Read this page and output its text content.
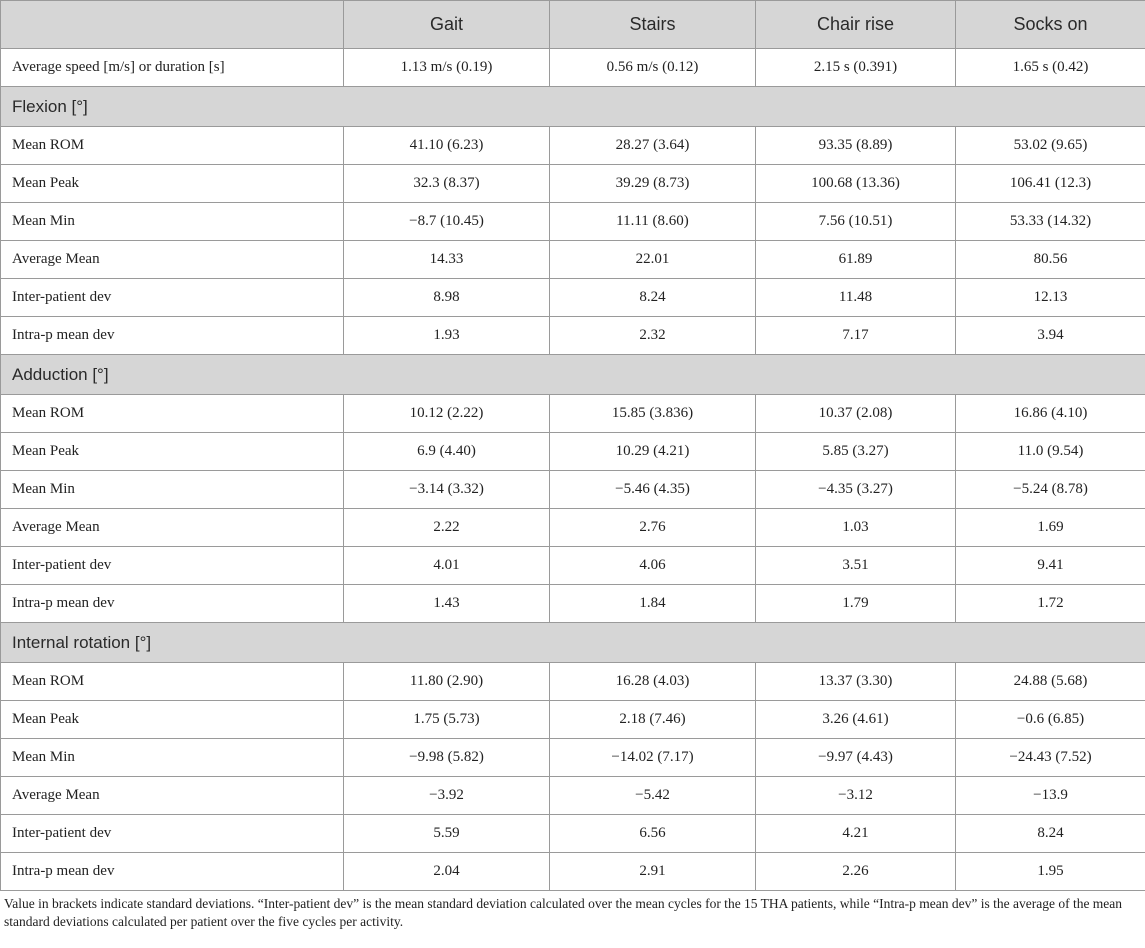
	Gait	Stairs	Chair rise	Socks on
Average speed [m/s] or duration [s]	1.13 m/s (0.19)	0.56 m/s (0.12)	2.15 s (0.391)	1.65 s (0.42)
Flexion [°]				
Mean ROM	41.10 (6.23)	28.27 (3.64)	93.35 (8.89)	53.02 (9.65)
Mean Peak	32.3 (8.37)	39.29 (8.73)	100.68 (13.36)	106.41 (12.3)
Mean Min	−8.7 (10.45)	11.11 (8.60)	7.56 (10.51)	53.33 (14.32)
Average Mean	14.33	22.01	61.89	80.56
Inter-patient dev	8.98	8.24	11.48	12.13
Intra-p mean dev	1.93	2.32	7.17	3.94
Adduction [°]				
Mean ROM	10.12 (2.22)	15.85 (3.836)	10.37 (2.08)	16.86 (4.10)
Mean Peak	6.9 (4.40)	10.29 (4.21)	5.85 (3.27)	11.0 (9.54)
Mean Min	−3.14 (3.32)	−5.46 (4.35)	−4.35 (3.27)	−5.24 (8.78)
Average Mean	2.22	2.76	1.03	1.69
Inter-patient dev	4.01	4.06	3.51	9.41
Intra-p mean dev	1.43	1.84	1.79	1.72
Internal rotation [°]				
Mean ROM	11.80 (2.90)	16.28 (4.03)	13.37 (3.30)	24.88 (5.68)
Mean Peak	1.75 (5.73)	2.18 (7.46)	3.26 (4.61)	−0.6 (6.85)
Mean Min	−9.98 (5.82)	−14.02 (7.17)	−9.97 (4.43)	−24.43 (7.52)
Average Mean	−3.92	−5.42	−3.12	−13.9
Inter-patient dev	5.59	6.56	4.21	8.24
Intra-p mean dev	2.04	2.91	2.26	1.95
Value in brackets indicate standard deviations. “Inter-patient dev” is the mean standard deviation calculated over the mean cycles for the 15 THA patients, while “Intra-p mean dev” is the average of the mean standard deviations calculated per patient over the five cycles per activity.
